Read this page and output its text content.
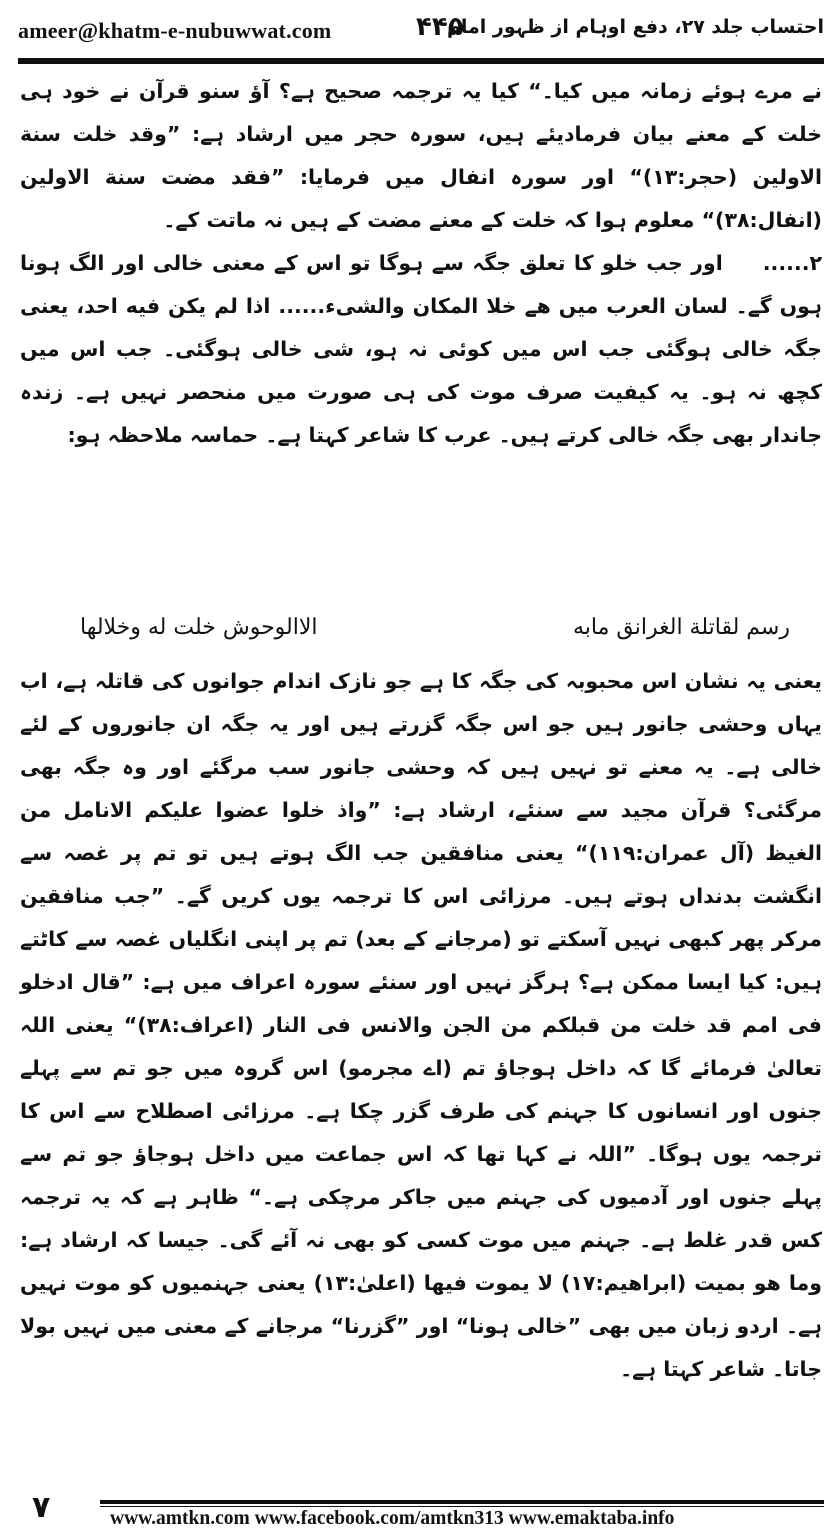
ameer@khatm-e-nubuwwat.com	۴۴۵
احتساب جلد ۲۷، دفع اوہام از ظہور امام

نے مرے ہوئے زمانہ میں کیا۔“ کیا یہ ترجمہ صحیح ہے؟ آؤ سنو قرآن نے خود ہی خلت کے معنے بیان فرمادیئے ہیں، سورہ حجر میں ارشاد ہے: ”وقد خلت سنة الاولین (حجر:۱۳)“ اور سورہ انفال میں فرمایا: ”فقد مضت سنة الاولین (انفال:۳۸)“ معلوم ہوا کہ خلت کے معنے مضت کے ہیں نہ ماتت کے۔

۲......اور جب خلو کا تعلق جگہ سے ہوگا تو اس کے معنی خالی اور الگ ہونا ہوں گے۔ لسان العرب میں ھے خلا المکان والشیء...... اذا لم یکن فیه احد، یعنی جگہ خالی ہوگئی جب اس میں کوئی نہ ہو، شی خالی ہوگئی۔ جب اس میں کچھ نہ ہو۔ یہ کیفیت صرف موت کی ہی صورت میں منحصر نہیں ہے۔ زندہ جاندار بھی جگہ خالی کرتے ہیں۔ عرب کا شاعر کہتا ہے۔ حماسہ ملاحظہ ہو:

رسم لقاتلة الغرانق مابه
الاالوحوش خلت له وخلالها

یعنی یہ نشان اس محبوبہ کی جگہ کا ہے جو نازک اندام جوانوں کی قاتلہ ہے، اب یہاں وحشی جانور ہیں جو اس جگہ گزرتے ہیں اور یہ جگہ ان جانوروں کے لئے خالی ہے۔ یہ معنے تو نہیں ہیں کہ وحشی جانور سب مرگئے اور وہ جگہ بھی مرگئی؟ قرآن مجید سے سنئے، ارشاد ہے: ”واذ خلوا عضوا علیکم الانامل من الغیظ (آل عمران:۱۱۹)“ یعنی منافقین جب الگ ہوتے ہیں تو تم پر غصہ سے انگشت بدنداں ہوتے ہیں۔ مرزائی اس کا ترجمہ یوں کریں گے۔ ”جب منافقین مرکر پھر کبھی نہیں آسکتے تو (مرجانے کے بعد) تم پر اپنی انگلیاں غصہ سے کاٹتے ہیں: کیا ایسا ممکن ہے؟ ہرگز نہیں اور سنئے سورہ اعراف میں ہے: ”قال ادخلو فی امم قد خلت من قبلکم من الجن والانس فی النار (اعراف:۳۸)“ یعنی اللہ تعالیٰ فرمائے گا کہ داخل ہوجاؤ تم (اے مجرمو) اس گروہ میں جو تم سے پہلے جنوں اور انسانوں کا جہنم کی طرف گزر چکا ہے۔ مرزائی اصطلاح سے اس کا ترجمہ یوں ہوگا۔ ”اللہ نے کہا تھا کہ اس جماعت میں داخل ہوجاؤ جو تم سے پہلے جنوں اور آدمیوں کی جہنم میں جاکر مرچکی ہے۔“ ظاہر ہے کہ یہ ترجمہ کس قدر غلط ہے۔ جہنم میں موت کسی کو بھی نہ آئے گی۔ جیسا کہ ارشاد ہے: وما ھو بمیت (ابراھیم:۱۷) لا یموت فیھا (اعلیٰ:۱۳) یعنی جہنمیوں کو موت نہیں ہے۔ اردو زبان میں بھی ”خالی ہونا“ اور ”گزرنا“ مرجانے کے معنی میں نہیں بولا جاتا۔ شاعر کہتا ہے۔

۷	www.amtkn.com www.facebook.com/amtkn313 www.emaktaba.info
